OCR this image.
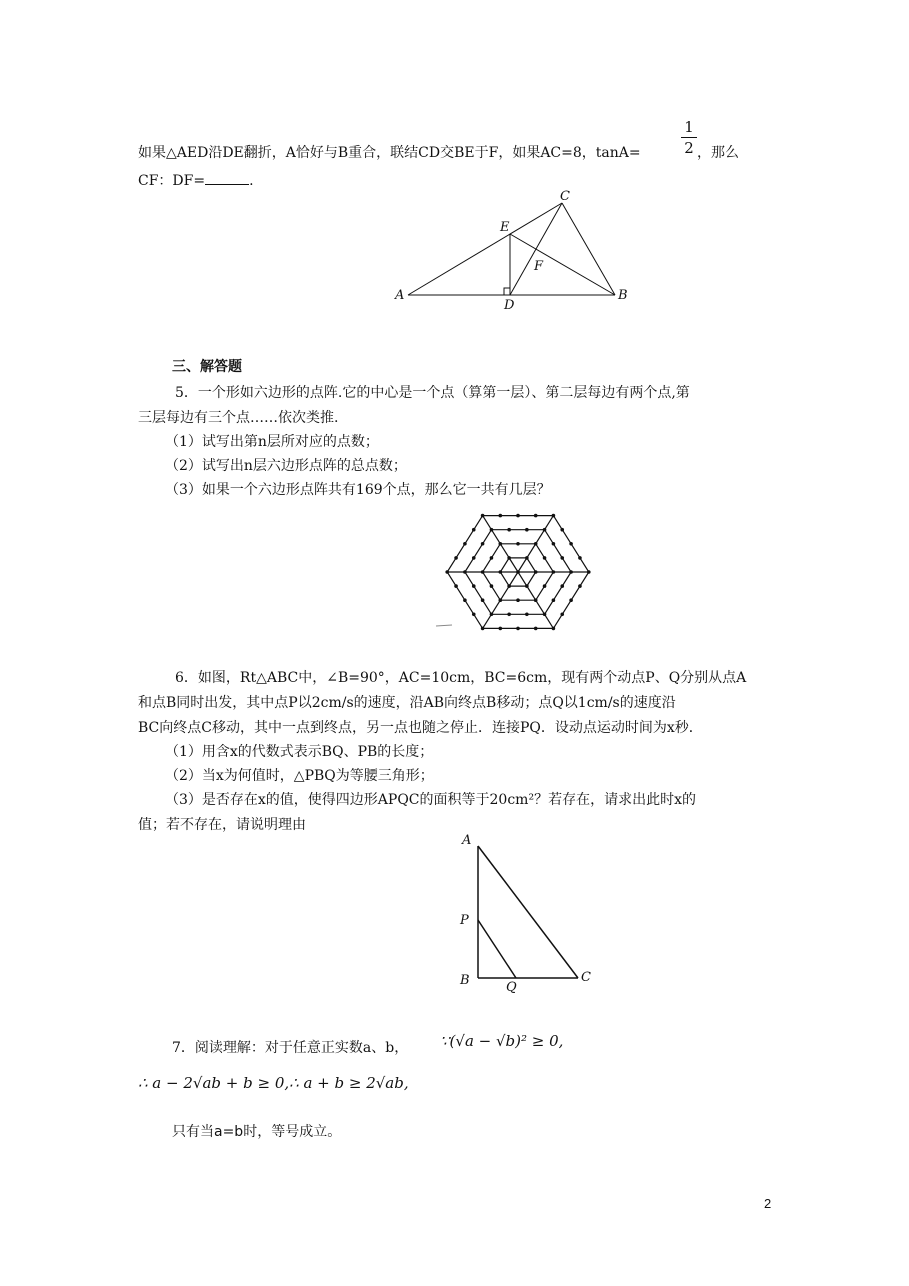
如果△AED沿DE翻折，A恰好与B重合，联结CD交BE于F，如果AC=8，tanA=
1
2 ，那么
CF：DF=	.
A	B
C
D
E
F
三、解答题
5．一个形如六边形的点阵.它的中心是一个点（算第一层）、第二层每边有两个点,第
三层每边有三个点……依次类推.
（1）试写出第n层所对应的点数；
（2）试写出n层六边形点阵的总点数；
（3）如果一个六边形点阵共有169个点，那么它一共有几层？
6．如图，Rt△ABC中，∠B=90°，AC=10cm，BC=6cm，现有两个动点P、Q分别从点A
和点B同时出发，其中点P以2cm/s的速度，沿AB向终点B移动；点Q以1cm/s的速度沿
BC向终点C移动，其中一点到终点，另一点也随之停止．连接PQ．设动点运动时间为x秒．
（1）用含x的代数式表示BQ、PB的长度；
（2）当x为何值时，△PBQ为等腰三角形；
（3）是否存在x的值，使得四边形APQC的面积等于20cm²？若存在，请求出此时x的
值；若不存在，请说明理由
A
P
B	Q
C
7．阅读理解：对于任意正实数a、b， ∵(√a − √b)² ≥ 0,
∴ a − 2√ab + b ≥ 0,∴ a + b ≥ 2√ab,
只有当a=b时，等号成立。
2
